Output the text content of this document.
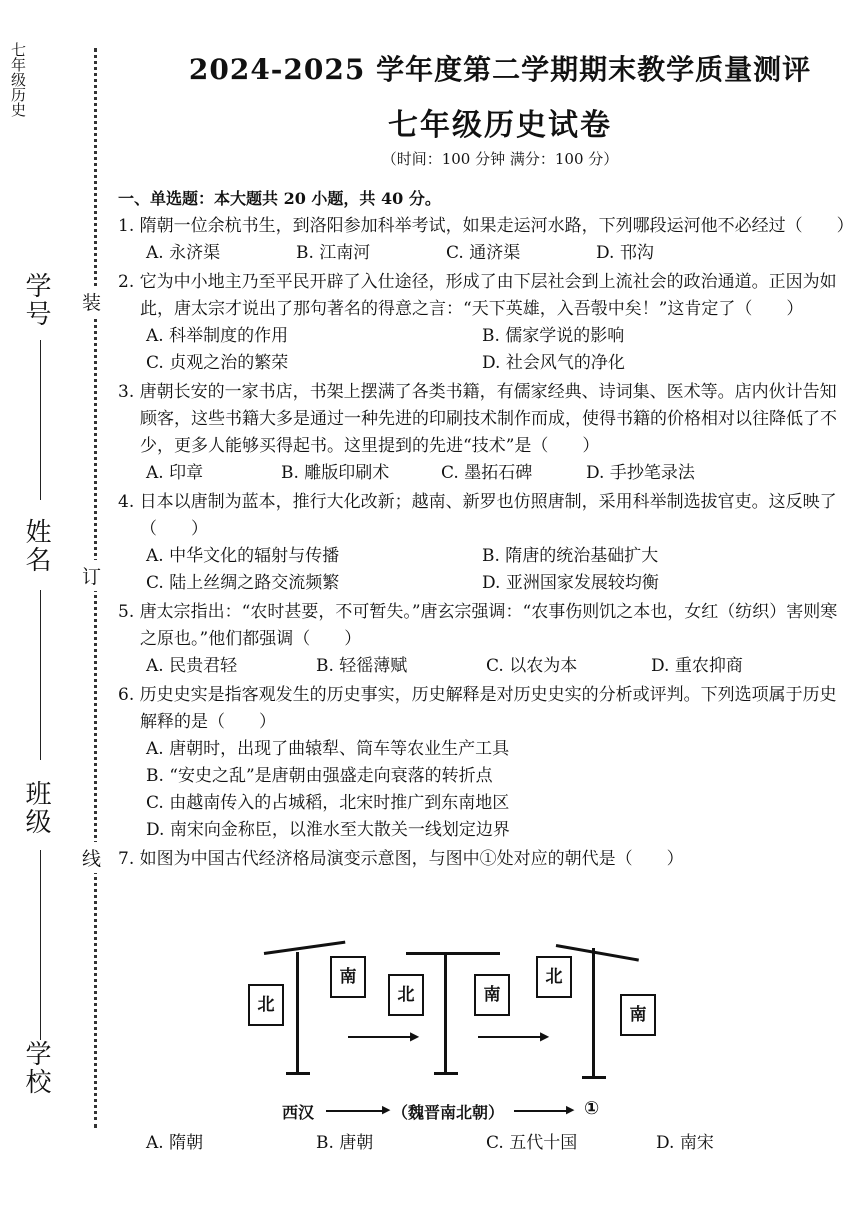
七年级历史
学号
姓名
班级
学校
装
订
线
2024-2025 学年度第二学期期末教学质量测评
七年级历史试卷
（时间：100 分钟 满分：100 分）
一、单选题：本大题共 20 小题，共 40 分。
1. 隋朝一位余杭书生，到洛阳参加科举考试，如果走运河水路，下列哪段运河他不必经过（　　）
A. 永济渠	B. 江南河	C. 通济渠	D. 邗沟
2. 它为中小地主乃至平民开辟了入仕途径，形成了由下层社会到上流社会的政治通道。正因为如此，唐太宗才说出了那句著名的得意之言：“天下英雄，入吾彀中矣！”这肯定了（　　）
A. 科举制度的作用	B. 儒家学说的影响
C. 贞观之治的繁荣	D. 社会风气的净化
3. 唐朝长安的一家书店，书架上摆满了各类书籍，有儒家经典、诗词集、医术等。店内伙计告知顾客，这些书籍大多是通过一种先进的印刷技术制作而成，使得书籍的价格相对以往降低了不少，更多人能够买得起书。这里提到的先进“技术”是（　　）
A. 印章	B. 雕版印刷术	C. 墨拓石碑	D. 手抄笔录法
4. 日本以唐制为蓝本，推行大化改新；越南、新罗也仿照唐制，采用科举制选拔官吏。这反映了（　　）
A. 中华文化的辐射与传播	B. 隋唐的统治基础扩大
C. 陆上丝绸之路交流频繁	D. 亚洲国家发展较均衡
5. 唐太宗指出：“农时甚要，不可暂失。”唐玄宗强调：“农事伤则饥之本也，女红（纺织）害则寒之原也。”他们都强调（　　）
A. 民贵君轻	B. 轻徭薄赋	C. 以农为本	D. 重农抑商
6. 历史史实是指客观发生的历史事实，历史解释是对历史史实的分析或评判。下列选项属于历史解释的是（　　）
A. 唐朝时，出现了曲辕犁、筒车等农业生产工具
B. “安史之乱”是唐朝由强盛走向衰落的转折点
C. 由越南传入的占城稻，北宋时推广到东南地区
D. 南宋向金称臣，以淮水至大散关一线划定边界
7. 如图为中国古代经济格局演变示意图，与图中①处对应的朝代是（　　）
北
南
▶
北	南
▶
北
南
西汉	▶ （魏晋南北朝）	▶ ①
A. 隋朝	B. 唐朝	C. 五代十国	D. 南宋
